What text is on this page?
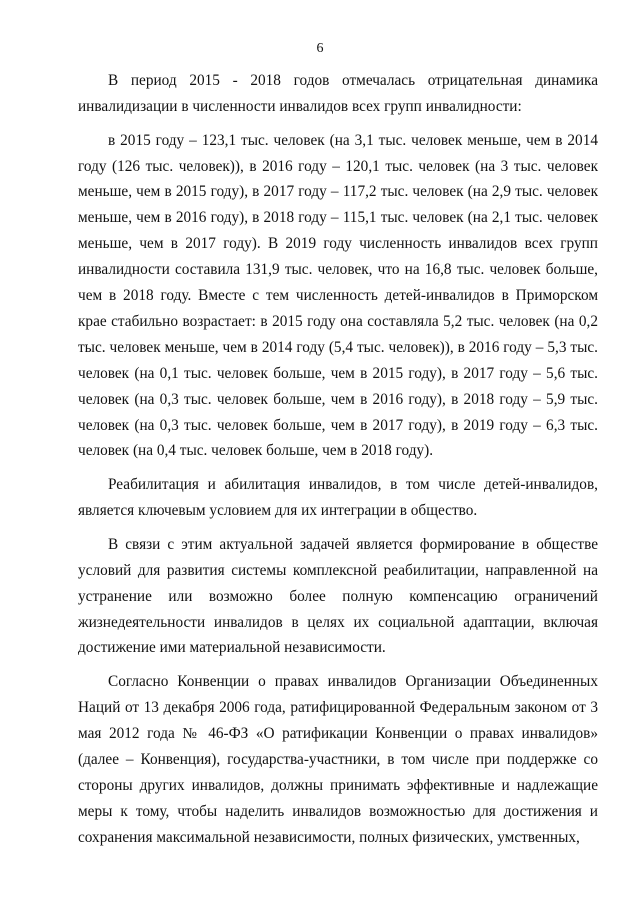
6

В период 2015 - 2018 годов отмечалась отрицательная динамика инвалидизации в численности инвалидов всех групп инвалидности:

в 2015 году – 123,1 тыс. человек (на 3,1 тыс. человек меньше, чем в 2014 году (126 тыс. человек)), в 2016 году – 120,1 тыс. человек (на 3 тыс. человек меньше, чем в 2015 году), в 2017 году – 117,2 тыс. человек (на 2,9 тыс. человек меньше, чем в 2016 году), в 2018 году – 115,1 тыс. человек (на 2,1 тыс. человек меньше, чем в 2017 году). В 2019 году численность инвалидов всех групп инвалидности составила 131,9 тыс. человек, что на 16,8 тыс. человек больше, чем в 2018 году. Вместе с тем численность детей-инвалидов в Приморском крае стабильно возрастает: в 2015 году она составляла 5,2 тыс. человек (на 0,2 тыс. человек меньше, чем в 2014 году (5,4 тыс. человек)), в 2016 году – 5,3 тыс. человек (на 0,1 тыс. человек больше, чем в 2015 году), в 2017 году – 5,6 тыс. человек (на 0,3 тыс. человек больше, чем в 2016 году), в 2018 году – 5,9 тыс. человек (на 0,3 тыс. человек больше, чем в 2017 году), в 2019 году – 6,3 тыс. человек (на 0,4 тыс. человек больше, чем в 2018 году).

Реабилитация и абилитация инвалидов, в том числе детей-инвалидов, является ключевым условием для их интеграции в общество.

В связи с этим актуальной задачей является формирование в обществе условий для развития системы комплексной реабилитации, направленной на устранение или возможно более полную компенсацию ограничений жизнедеятельности инвалидов в целях их социальной адаптации, включая достижение ими материальной независимости.

Согласно Конвенции о правах инвалидов Организации Объединенных Наций от 13 декабря 2006 года, ратифицированной Федеральным законом от 3 мая 2012 года № 46-ФЗ «О ратификации Конвенции о правах инвалидов» (далее – Конвенция), государства-участники, в том числе при поддержке со стороны других инвалидов, должны принимать эффективные и надлежащие меры к тому, чтобы наделить инвалидов возможностью для достижения и сохранения максимальной независимости, полных физических, умственных,
